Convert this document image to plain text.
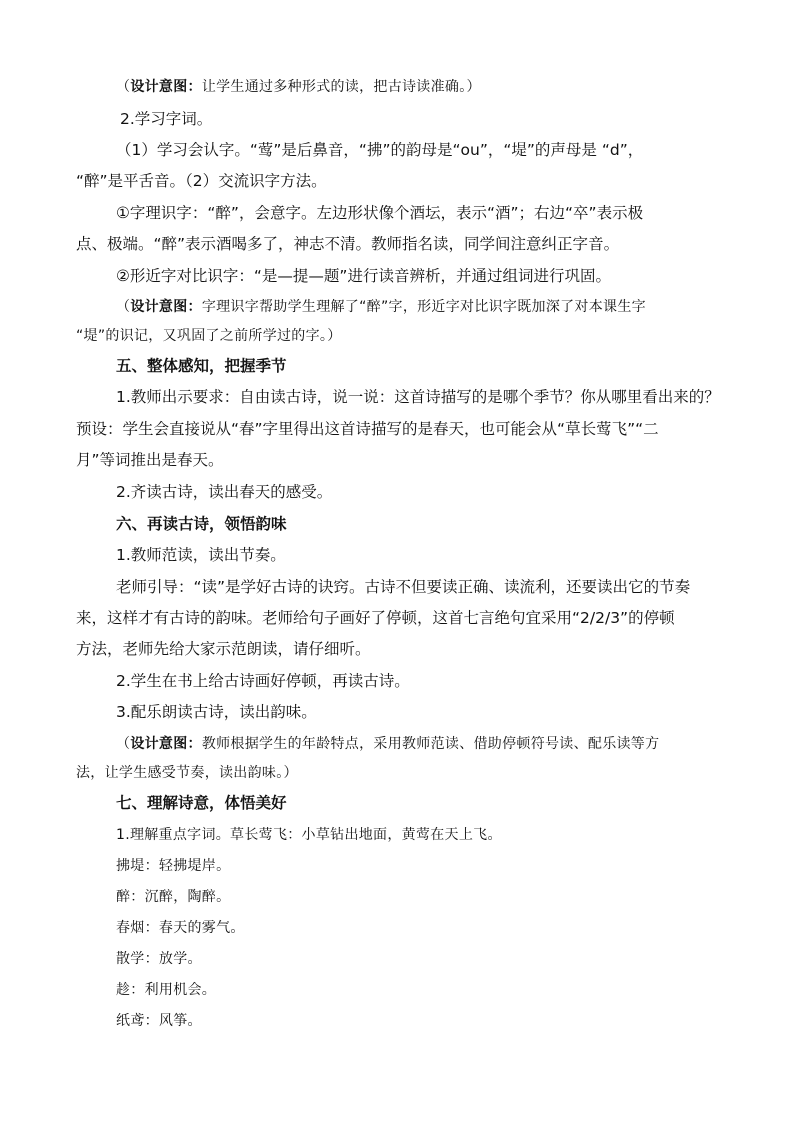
（设计意图：让学生通过多种形式的读，把古诗读准确。）
2.学习字词。
（1）学习会认字。“莺”是后鼻音，“拂”的韵母是“ou”，“堤”的声母是 “d”，
“醉”是平舌音。（2）交流识字方法。
①字理识字：“醉”，会意字。左边形状像个酒坛，表示“酒”；右边“卒”表示极
点、极端。“醉”表示酒喝多了，神志不清。教师指名读，同学间注意纠正字音。
②形近字对比识字：“是—提—题”进行读音辨析，并通过组词进行巩固。
（设计意图：字理识字帮助学生理解了“醉”字，形近字对比识字既加深了对本课生字
“堤”的识记，又巩固了之前所学过的字。）
五、整体感知，把握季节
1.教师出示要求：自由读古诗，说一说：这首诗描写的是哪个季节？你从哪里看出来的？
预设：学生会直接说从“春”字里得出这首诗描写的是春天，也可能会从“草长莺飞”“二
月”等词推出是春天。
2.齐读古诗，读出春天的感受。
六、再读古诗，领悟韵味
1.教师范读，读出节奏。
老师引导：“读”是学好古诗的诀窍。古诗不但要读正确、读流利，还要读出它的节奏
来，这样才有古诗的韵味。老师给句子画好了停顿，这首七言绝句宜采用“2/2/3”的停顿
方法，老师先给大家示范朗读，请仔细听。
2.学生在书上给古诗画好停顿，再读古诗。
3.配乐朗读古诗，读出韵味。
（设计意图：教师根据学生的年龄特点，采用教师范读、借助停顿符号读、配乐读等方
法，让学生感受节奏，读出韵味。）
七、理解诗意，体悟美好
1.理解重点字词。草长莺飞：小草钻出地面，黄莺在天上飞。
拂堤：轻拂堤岸。
醉：沉醉，陶醉。
春烟：春天的雾气。
散学：放学。
趁：利用机会。
纸鸢：风筝。
